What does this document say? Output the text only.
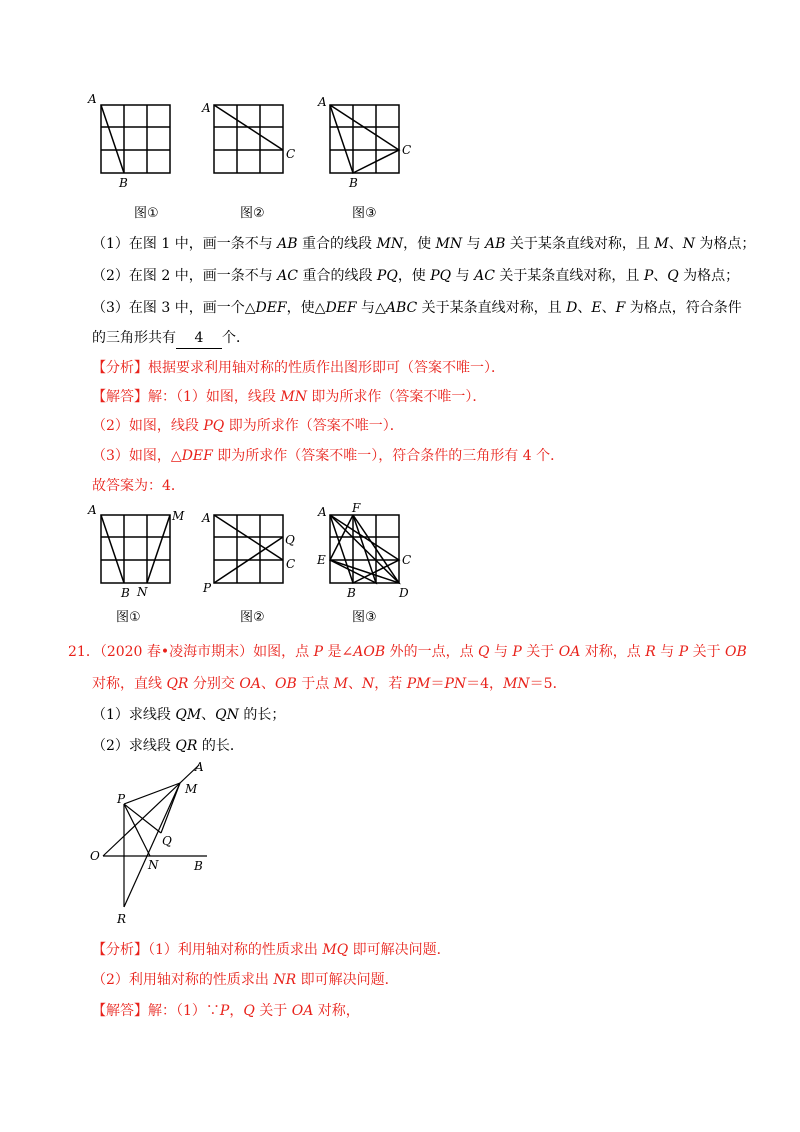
A
B
A
C
A
C
B
图①	图②	图③
（1）在图 1 中，画一条不与 AB 重合的线段 MN，使 MN 与 AB 关于某条直线对称，且 M、N 为格点；
（2）在图 2 中，画一条不与 AC 重合的线段 PQ，使 PQ 与 AC 关于某条直线对称，且 P、Q 为格点；
（3）在图 3 中，画一个△DEF，使△DEF 与△ABC 关于某条直线对称，且 D、E、F 为格点，符合条件
的三角形共有 4 个．
【分析】根据要求利用轴对称的性质作出图形即可（答案不唯一）．
【解答】解：（1）如图，线段 MN 即为所求作（答案不唯一）．
（2）如图，线段 PQ 即为所求作（答案不唯一）．
（3）如图，△DEF 即为所求作（答案不唯一），符合条件的三角形有 4 个．
故答案为：4．
A	M
B N
A
Q
C
P
A F
E	C
B	D
图①	图②	图③
21．（2020 春•凌海市期末）如图，点 P 是∠AOB 外的一点，点 Q 与 P 关于 OA 对称，点 R 与 P 关于 OB
对称，直线 QR 分别交 OA、OB 于点 M、N，若 PM＝PN＝4，MN＝5．
（1）求线段 QM、QN 的长；
（2）求线段 QR 的长．
A
P
M
Q
O
N	B
R
【分析】（1）利用轴对称的性质求出 MQ 即可解决问题．
（2）利用轴对称的性质求出 NR 即可解决问题．
【解答】解：（1）∵P，Q 关于 OA 对称，
